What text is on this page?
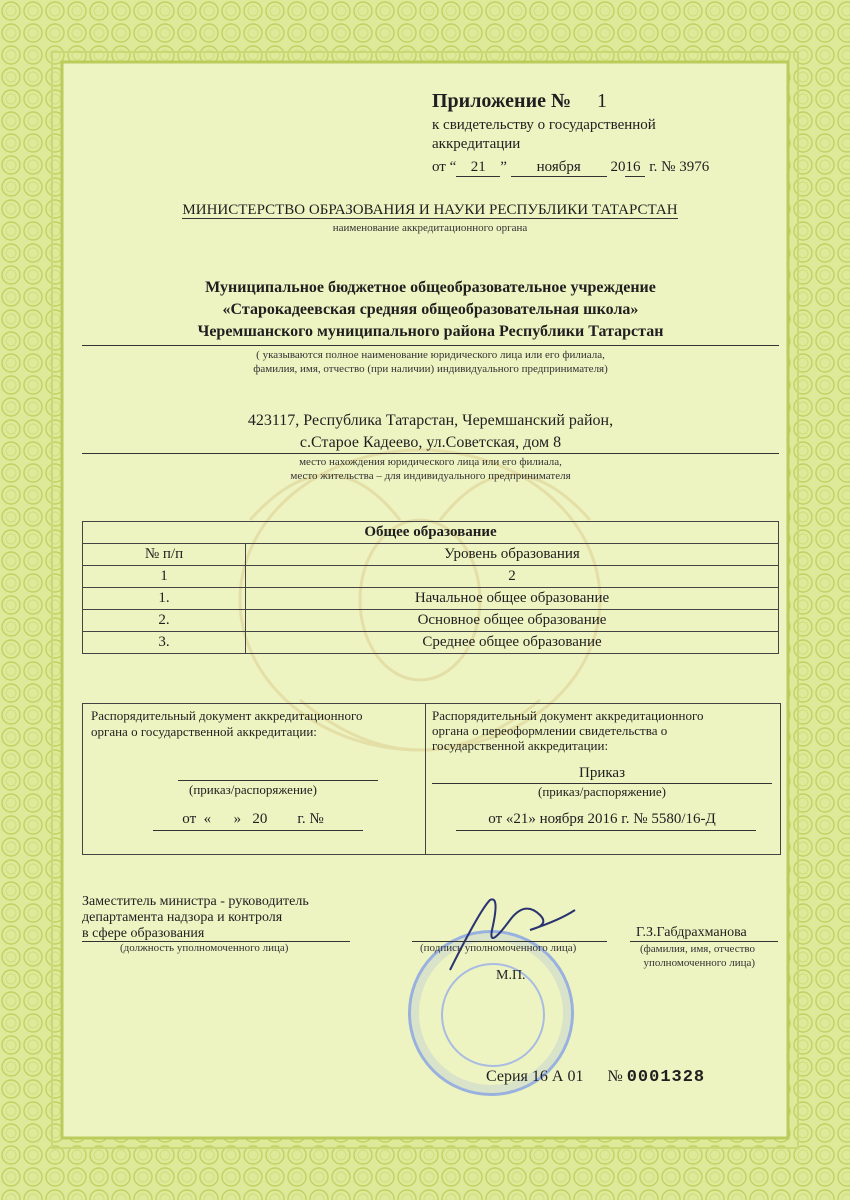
Приложение № 1
к свидетельству о государственной
аккредитации
от “ 21 ” ноября 2016 г. № 3976
МИНИСТЕРСТВО ОБРАЗОВАНИЯ И НАУКИ РЕСПУБЛИКИ ТАТАРСТАН
наименование аккредитационного органа
Муниципальное бюджетное общеобразовательное учреждение
«Старокадеевская средняя общеобразовательная школа»
Черемшанского муниципального района Республики Татарстан
( указываются полное наименование юридического лица или его филиала,
фамилия, имя, отчество (при наличии) индивидуального предпринимателя)
423117, Республика Татарстан, Черемшанский район,
с.Старое Кадеево, ул.Советская, дом 8
место нахождения юридического лица или его филиала,
место жительства – для индивидуального предпринимателя
Общее образование	
№ п/п	Уровень образования
1	2
1.	Начальное общее образование
2.	Основное общее образование
3.	Среднее общее образование
Распорядительный документ аккредитационного
органа о государственной аккредитации:
(приказ/распоряжение)
от  «      »   20        г. №
Распорядительный документ аккредитационного
органа о переоформлении свидетельства о
государственной аккредитации:
Приказ
(приказ/распоряжение)
от «21» ноября 2016 г. № 5580/16-Д
Заместитель министра - руководитель
департамента надзора и контроля
в сфере образования
(должность уполномоченного лица)	(подпись уполномоченного лица)
Г.З.Габдрахманова
(фамилия, имя, отчество
уполномоченного лица)
М.П.
Серия 16 А 01 № 0001328
